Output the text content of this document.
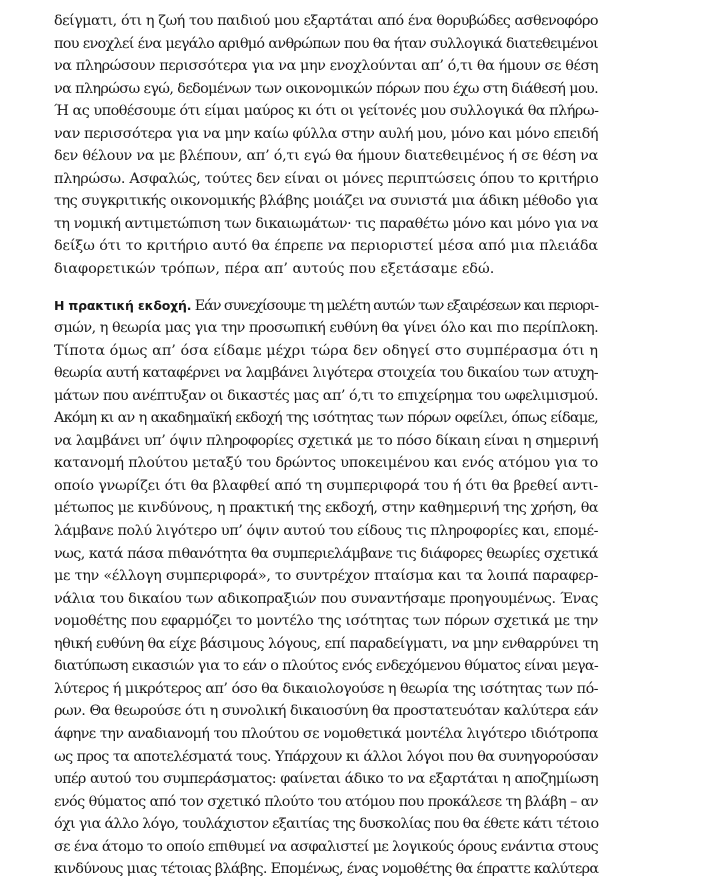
δείγματι, ότι η ζωή του παιδιού μου εξαρτάται από ένα θορυβώδες ασθενοφόρο
που ενοχλεί ένα μεγάλο αριθμό ανθρώπων που θα ήταν συλλογικά διατεθειμένοι
να πληρώσουν περισσότερα για να μην ενοχλούνται απ’ ό,τι θα ήμουν σε θέση
να πληρώσω εγώ, δεδομένων των οικονομικών πόρων που έχω στη διάθεσή μου.
Ή ας υποθέσουμε ότι είμαι μαύρος κι ότι οι γείτονές μου συλλογικά θα πλήρω-
ναν περισσότερα για να μην καίω φύλλα στην αυλή μου, μόνο και μόνο επειδή
δεν θέλουν να με βλέπουν, απ’ ό,τι εγώ θα ήμουν διατεθειμένος ή σε θέση να
πληρώσω. Ασφαλώς, τούτες δεν είναι οι μόνες περιπτώσεις όπου το κριτήριο
της συγκριτικής οικονομικής βλάβης μοιάζει να συνιστά μια άδικη μέθοδο για
τη νομική αντιμετώπιση των δικαιωμάτων· τις παραθέτω μόνο και μόνο για να
δείξω ότι το κριτήριο αυτό θα έπρεπε να περιοριστεί μέσα από μια πλειάδα
διαφορετικών τρόπων, πέρα απ’ αυτούς που εξετάσαμε εδώ.
Η πρακτική εκδοχή. Εάν συνεχίσουμε τη μελέτη αυτών των εξαιρέσεων και περιορι-
σμών, η θεωρία μας για την προσωπική ευθύνη θα γίνει όλο και πιο περίπλοκη.
Τίποτα όμως απ’ όσα είδαμε μέχρι τώρα δεν οδηγεί στο συμπέρασμα ότι η
θεωρία αυτή καταφέρνει να λαμβάνει λιγότερα στοιχεία του δικαίου των ατυχη-
μάτων που ανέπτυξαν οι δικαστές μας απ’ ό,τι το επιχείρημα του ωφελιμισμού.
Ακόμη κι αν η ακαδημαϊκή εκδοχή της ισότητας των πόρων οφείλει, όπως είδαμε,
να λαμβάνει υπ’ όψιν πληροφορίες σχετικά με το πόσο δίκαιη είναι η σημερινή
κατανομή πλούτου μεταξύ του δρώντος υποκειμένου και ενός ατόμου για το
οποίο γνωρίζει ότι θα βλαφθεί από τη συμπεριφορά του ή ότι θα βρεθεί αντι-
μέτωπος με κινδύνους, η πρακτική της εκδοχή, στην καθημερινή της χρήση, θα
λάμβανε πολύ λιγότερο υπ’ όψιν αυτού του είδους τις πληροφορίες και, επομέ-
νως, κατά πάσα πιθανότητα θα συμπεριελάμβανε τις διάφορες θεωρίες σχετικά
με την «έλλογη συμπεριφορά», το συντρέχον πταίσμα και τα λοιπά παραφερ-
νάλια του δικαίου των αδικοπραξιών που συναντήσαμε προηγουμένως. Ένας
νομοθέτης που εφαρμόζει το μοντέλο της ισότητας των πόρων σχετικά με την
ηθική ευθύνη θα είχε βάσιμους λόγους, επί παραδείγματι, να μην ενθαρρύνει τη
διατύπωση εικασιών για το εάν ο πλούτος ενός ενδεχόμενου θύματος είναι μεγα-
λύτερος ή μικρότερος απ’ όσο θα δικαιολογούσε η θεωρία της ισότητας των πό-
ρων. Θα θεωρούσε ότι η συνολική δικαιοσύνη θα προστατευόταν καλύτερα εάν
άφηνε την αναδιανομή του πλούτου σε νομοθετικά μοντέλα λιγότερο ιδιότροπα
ως προς τα αποτελέσματά τους. Υπάρχουν κι άλλοι λόγοι που θα συνηγορούσαν
υπέρ αυτού του συμπεράσματος: φαίνεται άδικο το να εξαρτάται η αποζημίωση
ενός θύματος από τον σχετικό πλούτο του ατόμου που προκάλεσε τη βλάβη – αν
όχι για άλλο λόγο, τουλάχιστον εξαιτίας της δυσκολίας που θα έθετε κάτι τέτοιο
σε ένα άτομο το οποίο επιθυμεί να ασφαλιστεί με λογικούς όρους ενάντια στους
κινδύνους μιας τέτοιας βλάβης. Επομένως, ένας νομοθέτης θα έπραττε καλύτερα
